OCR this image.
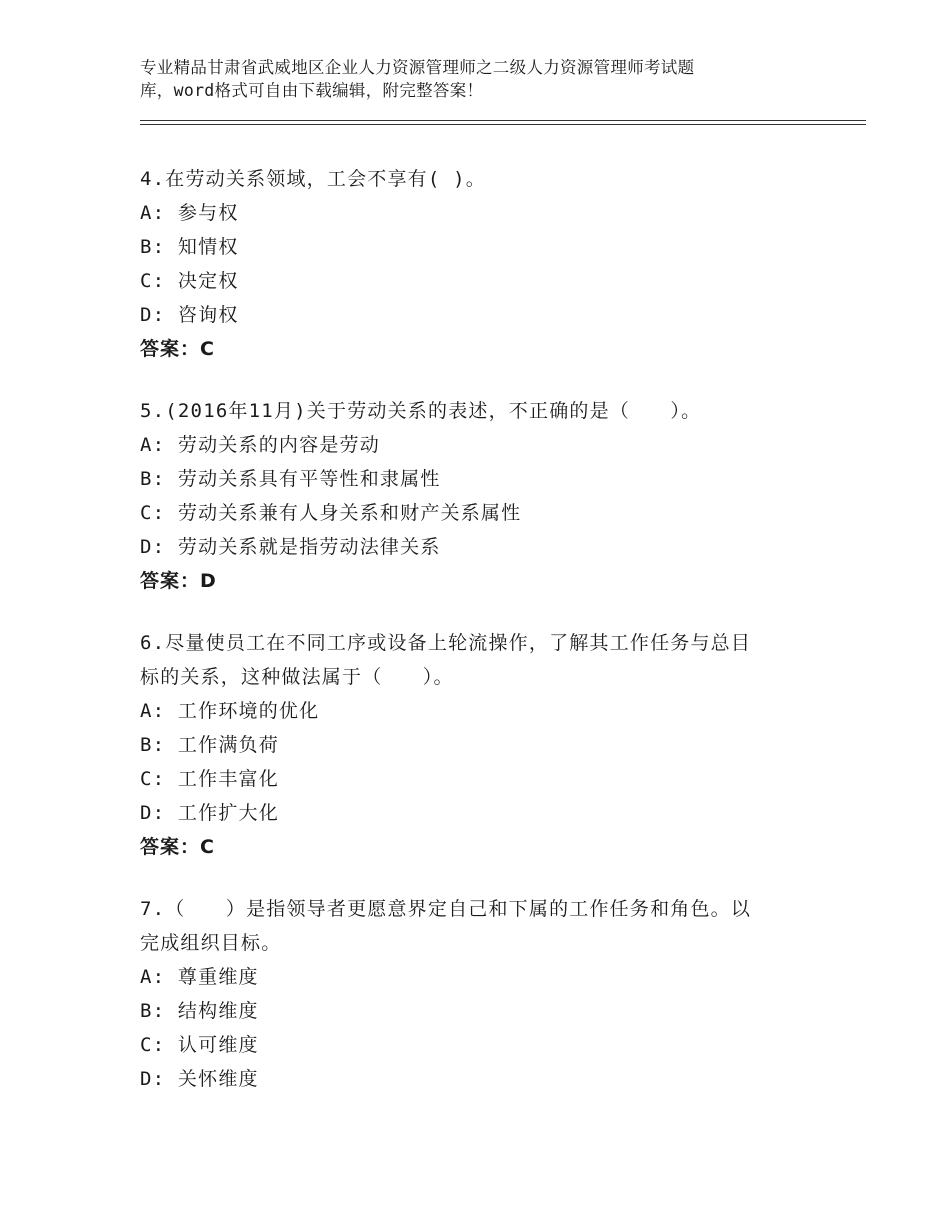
专业精品甘肃省武威地区企业人力资源管理师之二级人力资源管理师考试题
库，word格式可自由下载编辑，附完整答案！
4.在劳动关系领域，工会不享有( )。
A: 参与权
B: 知情权
C: 决定权
D: 咨询权
答案：C
5.(2016年11月)关于劳动关系的表述，不正确的是（　　）。
A: 劳动关系的内容是劳动
B: 劳动关系具有平等性和隶属性
C: 劳动关系兼有人身关系和财产关系属性
D: 劳动关系就是指劳动法律关系
答案：D
6.尽量使员工在不同工序或设备上轮流操作，了解其工作任务与总目
标的关系，这种做法属于（　　）。
A: 工作环境的优化
B: 工作满负荷
C: 工作丰富化
D: 工作扩大化
答案：C
7.（　　）是指领导者更愿意界定自己和下属的工作任务和角色。以
完成组织目标。
A: 尊重维度
B: 结构维度
C: 认可维度
D: 关怀维度
